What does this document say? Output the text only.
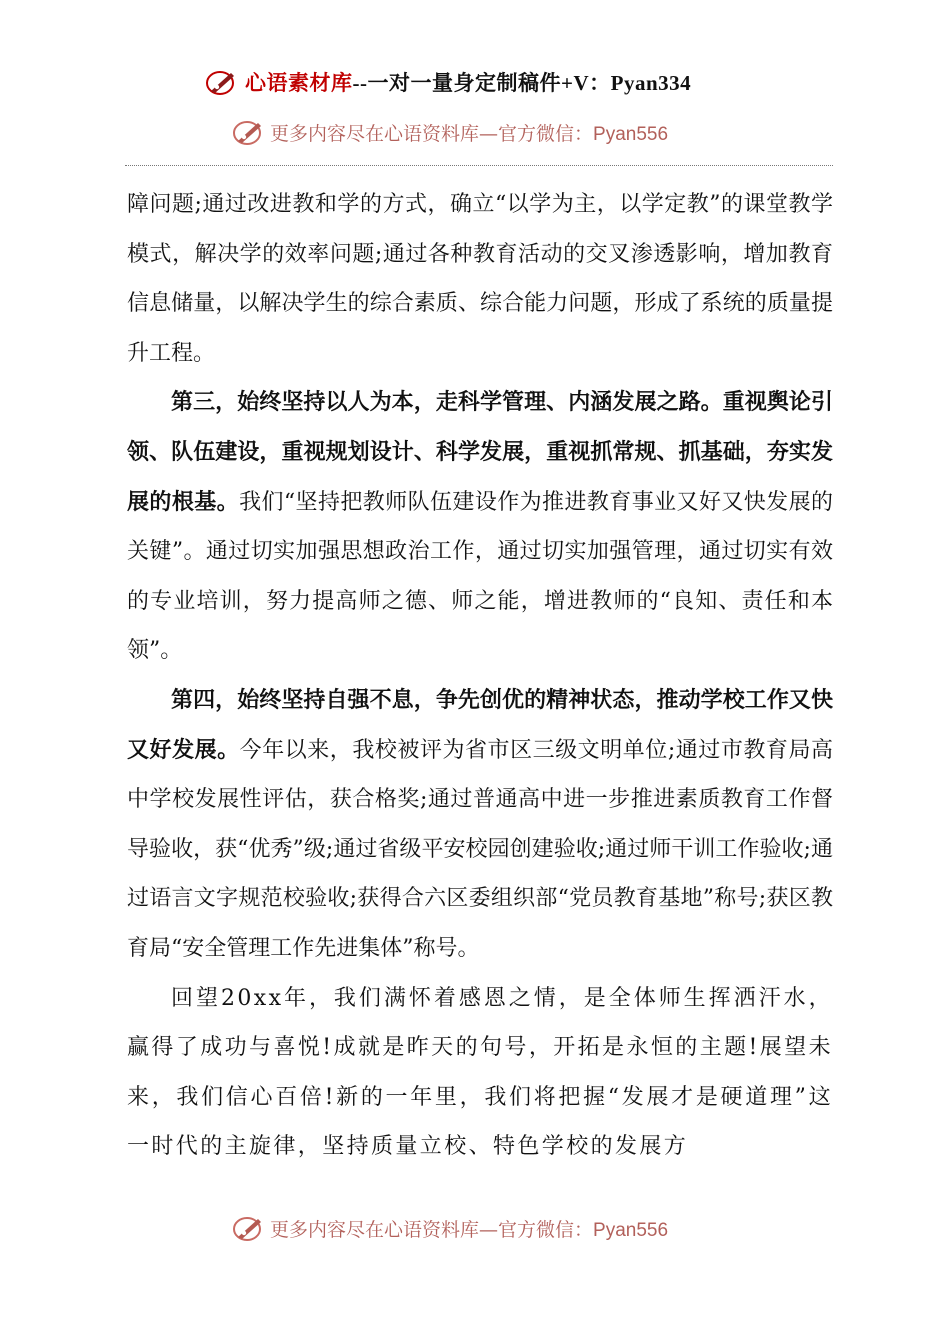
心语素材库--一对一量身定制稿件+V：Pyan334
更多内容尽在心语资料库—官方微信：Pyan556

障问题;通过改进教和学的方式，确立“以学为主，以学定教”的课堂教学模式，解决学的效率问题;通过各种教育活动的交叉渗透影响，增加教育信息储量，以解决学生的综合素质、综合能力问题，形成了系统的质量提升工程。

第三，始终坚持以人为本，走科学管理、内涵发展之路。重视舆论引领、队伍建设，重视规划设计、科学发展，重视抓常规、抓基础，夯实发展的根基。我们“坚持把教师队伍建设作为推进教育事业又好又快发展的关键”。通过切实加强思想政治工作，通过切实加强管理，通过切实有效的专业培训，努力提高师之德、师之能，增进教师的“良知、责任和本领”。

第四，始终坚持自强不息，争先创优的精神状态，推动学校工作又快又好发展。今年以来，我校被评为省市区三级文明单位;通过市教育局高中学校发展性评估，获合格奖;通过普通高中进一步推进素质教育工作督导验收，获“优秀”级;通过省级平安校园创建验收;通过师干训工作验收;通过语言文字规范校验收;获得合六区委组织部“党员教育基地”称号;获区教育局“安全管理工作先进集体”称号。

回望20xx年，我们满怀着感恩之情，是全体师生挥洒汗水，赢得了成功与喜悦!成就是昨天的句号，开拓是永恒的主题!展望未来，我们信心百倍!新的一年里，我们将把握“发展才是硬道理”这一时代的主旋律，坚持质量立校、特色学校的发展方

更多内容尽在心语资料库—官方微信：Pyan556
